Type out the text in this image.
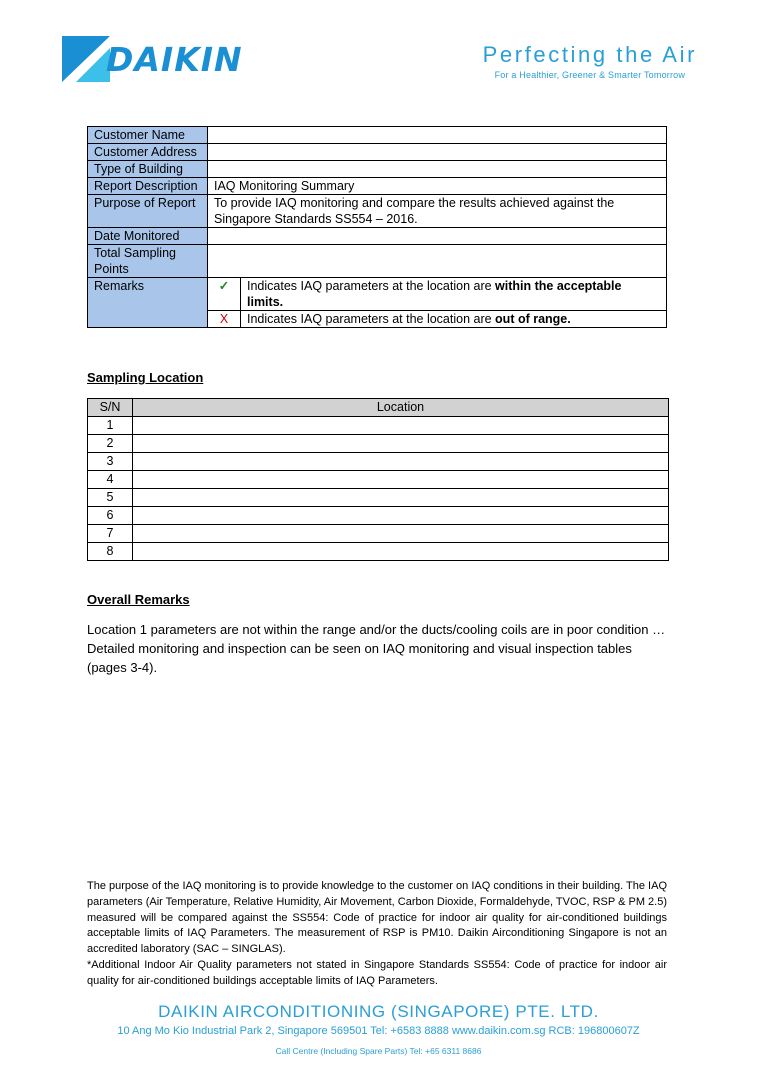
DAIKIN	Perfecting the Air
For a Healthier, Greener & Smarter Tomorrow
Customer Name		
Customer Address		
Type of Building		
Report Description	IAQ Monitoring Summary	
Purpose of Report	To provide IAQ monitoring and compare the results achieved against the Singapore Standards SS554 – 2016.	
Date Monitored		
Total Sampling Points		
Remarks	✓	Indicates IAQ parameters at the location are within the acceptable limits.
	X	Indicates IAQ parameters at the location are out of range.
Sampling Location
S/N	Location
1	
2	
3	
4	
5	
6	
7	
8	
Overall Remarks
Location 1 parameters are not within the range and/or the ducts/cooling coils are in poor condition … Detailed monitoring and inspection can be seen on IAQ monitoring and visual inspection tables (pages 3-4).
The purpose of the IAQ monitoring is to provide knowledge to the customer on IAQ conditions in their building. The IAQ parameters (Air Temperature, Relative Humidity, Air Movement, Carbon Dioxide, Formaldehyde, TVOC, RSP & PM 2.5) measured will be compared against the SS554: Code of practice for indoor air quality for air-conditioned buildings acceptable limits of IAQ Parameters. The measurement of RSP is PM10. Daikin Airconditioning Singapore is not an accredited laboratory (SAC – SINGLAS).
*Additional Indoor Air Quality parameters not stated in Singapore Standards SS554: Code of practice for indoor air quality for air-conditioned buildings acceptable limits of IAQ Parameters.
DAIKIN AIRCONDITIONING (SINGAPORE) PTE. LTD.
10 Ang Mo Kio Industrial Park 2, Singapore 569501 Tel: +6583 8888 www.daikin.com.sg RCB: 196800607Z
Call Centre (Including Spare Parts) Tel: +65 6311 8686
